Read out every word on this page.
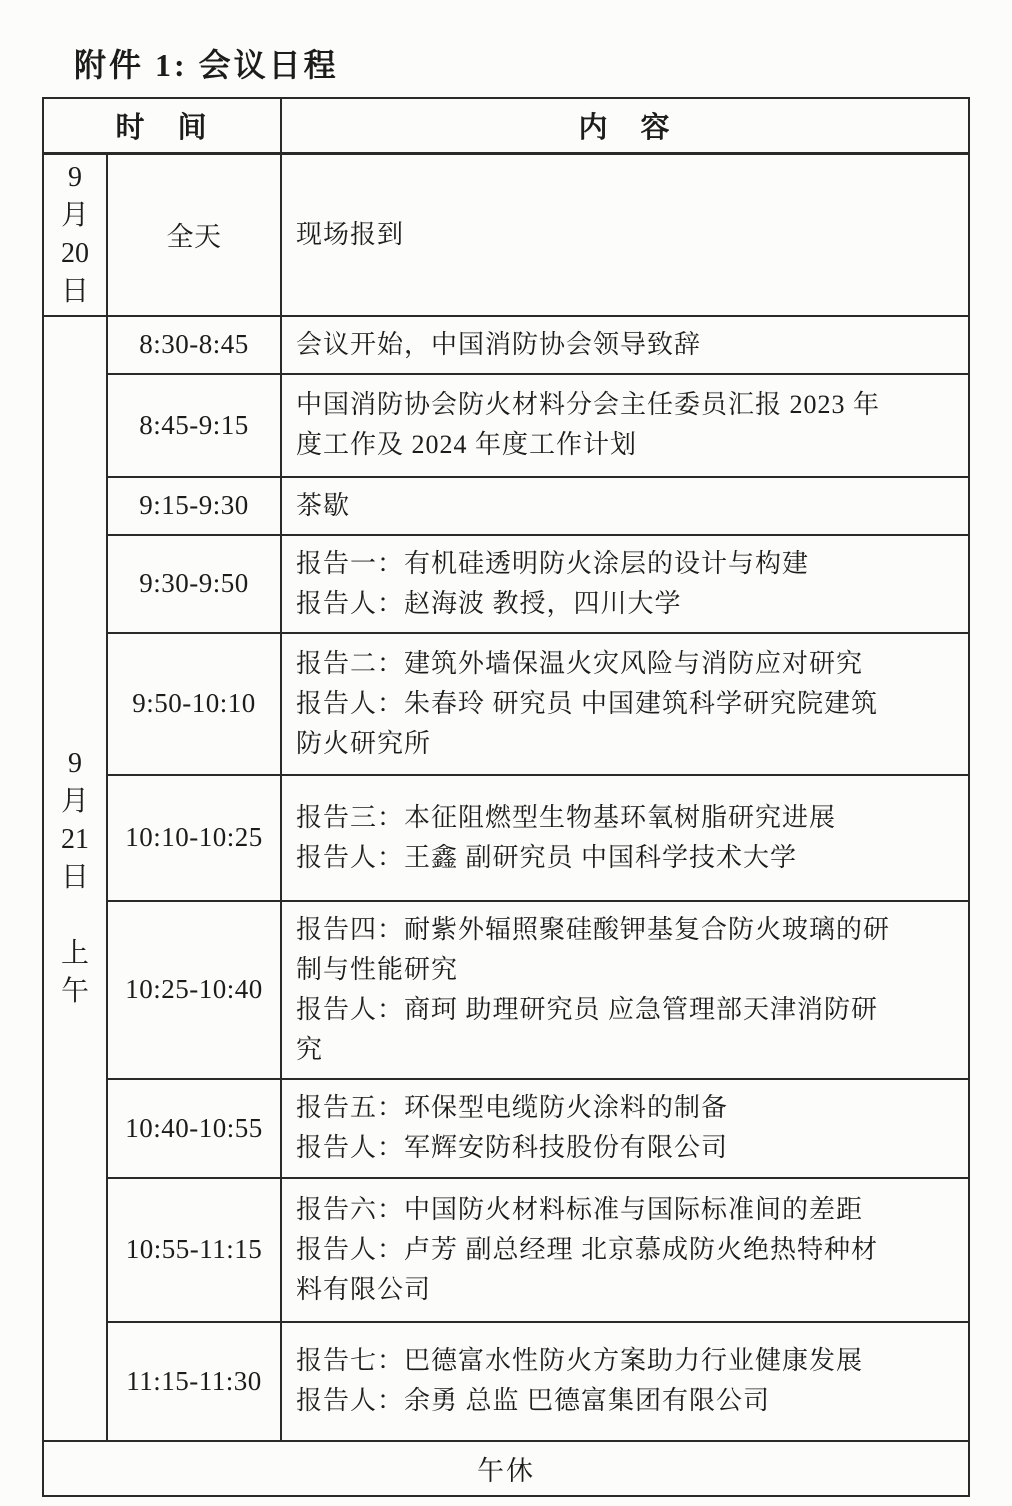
附件 1: 会议日程
时　间		内　容

9
月
20
日	全天	现场报到

9
月
21
日
上
午
	8:30-8:45	会议开始，中国消防协会领导致辞

	8:45-9:15	中国消防协会防火材料分会主任委员汇报 2023 年度工作及 2024 年度工作计划

	9:15-9:30	茶歇

	9:30-9:50	报告一：有机硅透明防火涂层的设计与构建
报告人：赵海波 教授，四川大学

	9:50-10:10	报告二：建筑外墙保温火灾风险与消防应对研究
报告人：朱春玲 研究员 中国建筑科学研究院建筑防火研究所

	10:10-10:25	报告三：本征阻燃型生物基环氧树脂研究进展
报告人：王鑫 副研究员 中国科学技术大学

	10:25-10:40	报告四：耐紫外辐照聚硅酸钾基复合防火玻璃的研制与性能研究
报告人：商珂 助理研究员 应急管理部天津消防研究

	10:40-10:55	报告五：环保型电缆防火涂料的制备
报告人：军辉安防科技股份有限公司

	10:55-11:15	报告六：中国防火材料标准与国际标准间的差距
报告人：卢芳 副总经理 北京慕成防火绝热特种材料有限公司

	11:15-11:30	报告七：巴德富水性防火方案助力行业健康发展
报告人：余勇 总监 巴德富集团有限公司

午休		
